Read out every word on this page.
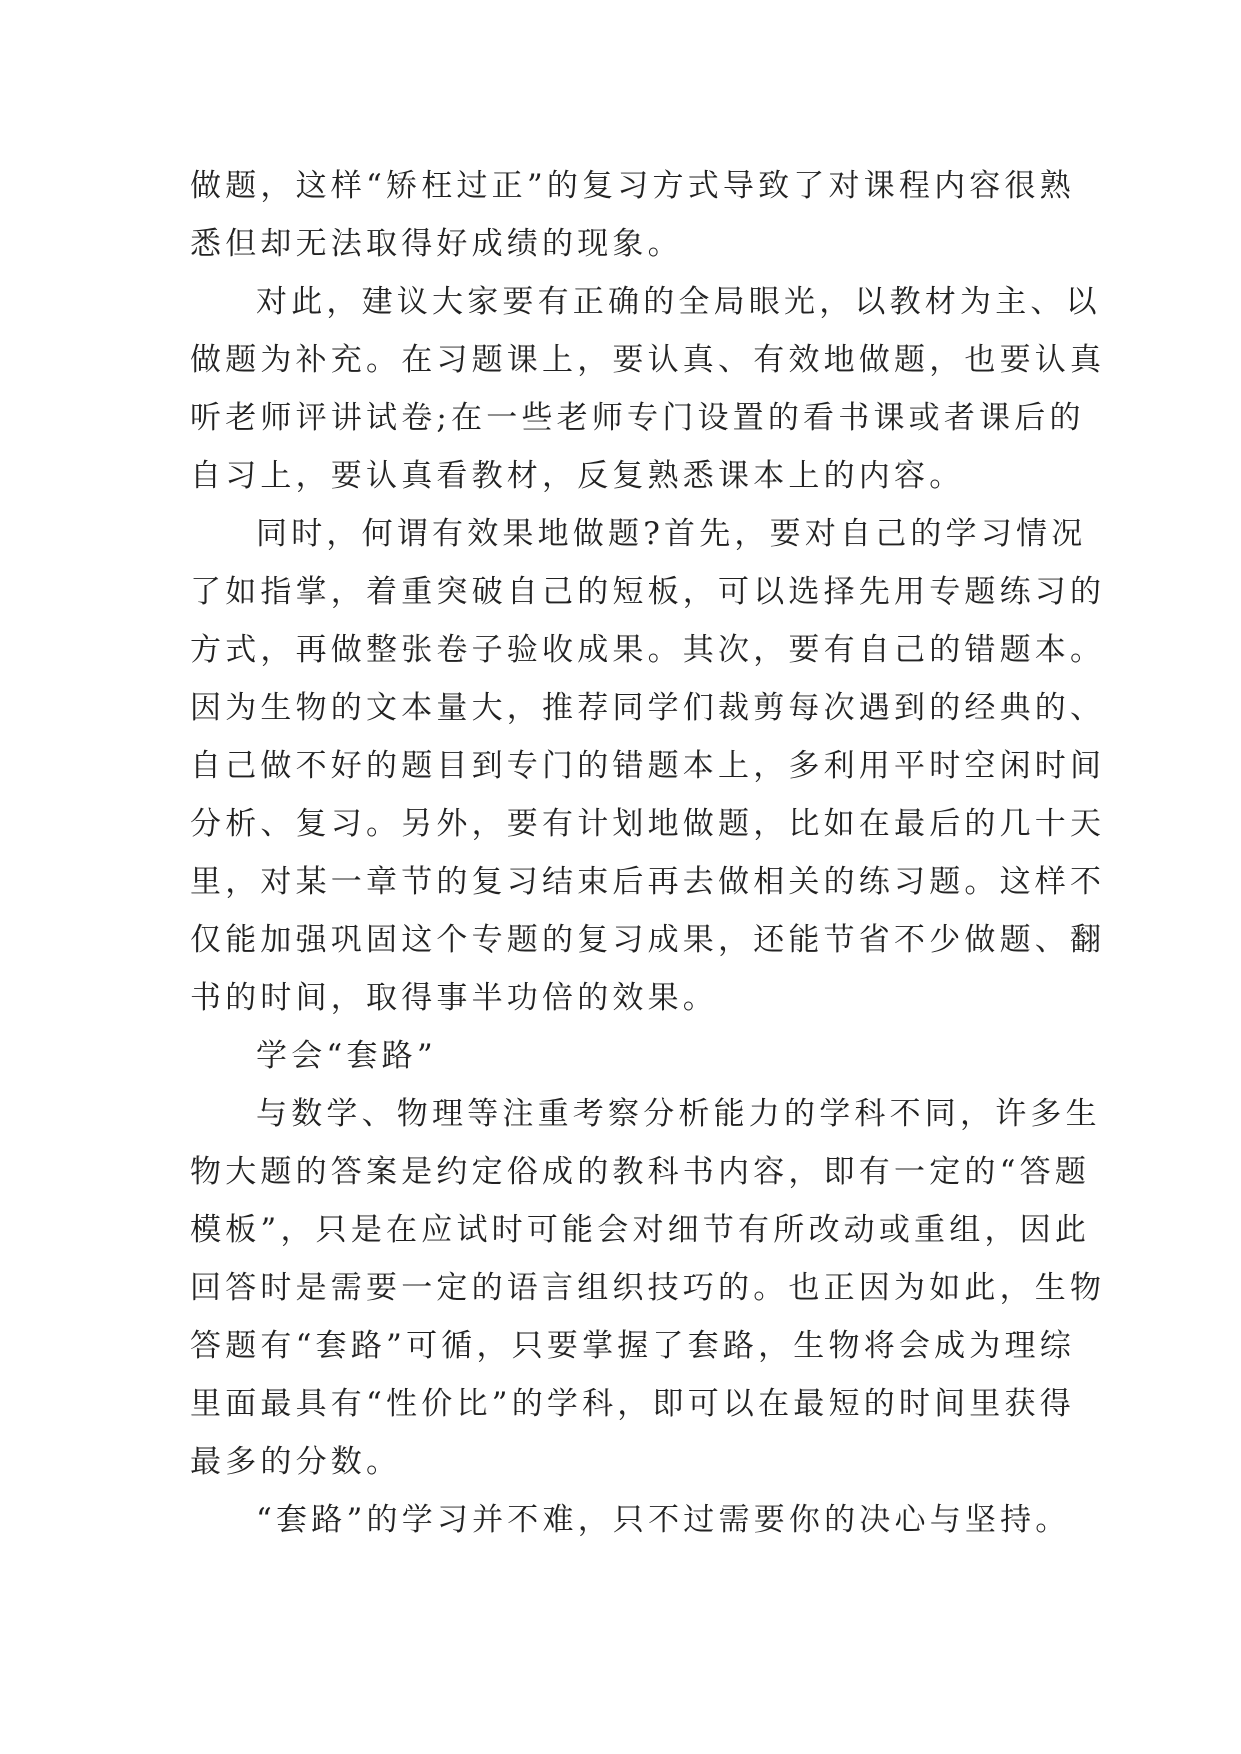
做题，这样“矫枉过正”的复习方式导致了对课程内容很熟
悉但却无法取得好成绩的现象。
对此，建议大家要有正确的全局眼光，以教材为主、以
做题为补充。在习题课上，要认真、有效地做题，也要认真
听老师评讲试卷;在一些老师专门设置的看书课或者课后的
自习上，要认真看教材，反复熟悉课本上的内容。
同时，何谓有效果地做题?首先，要对自己的学习情况
了如指掌，着重突破自己的短板，可以选择先用专题练习的
方式，再做整张卷子验收成果。其次，要有自己的错题本。
因为生物的文本量大，推荐同学们裁剪每次遇到的经典的、
自己做不好的题目到专门的错题本上，多利用平时空闲时间
分析、复习。另外，要有计划地做题，比如在最后的几十天
里，对某一章节的复习结束后再去做相关的练习题。这样不
仅能加强巩固这个专题的复习成果，还能节省不少做题、翻
书的时间，取得事半功倍的效果。
学会“套路”
与数学、物理等注重考察分析能力的学科不同，许多生
物大题的答案是约定俗成的教科书内容，即有一定的“答题
模板”，只是在应试时可能会对细节有所改动或重组，因此
回答时是需要一定的语言组织技巧的。也正因为如此，生物
答题有“套路”可循，只要掌握了套路，生物将会成为理综
里面最具有“性价比”的学科，即可以在最短的时间里获得
最多的分数。
“套路”的学习并不难，只不过需要你的决心与坚持。
